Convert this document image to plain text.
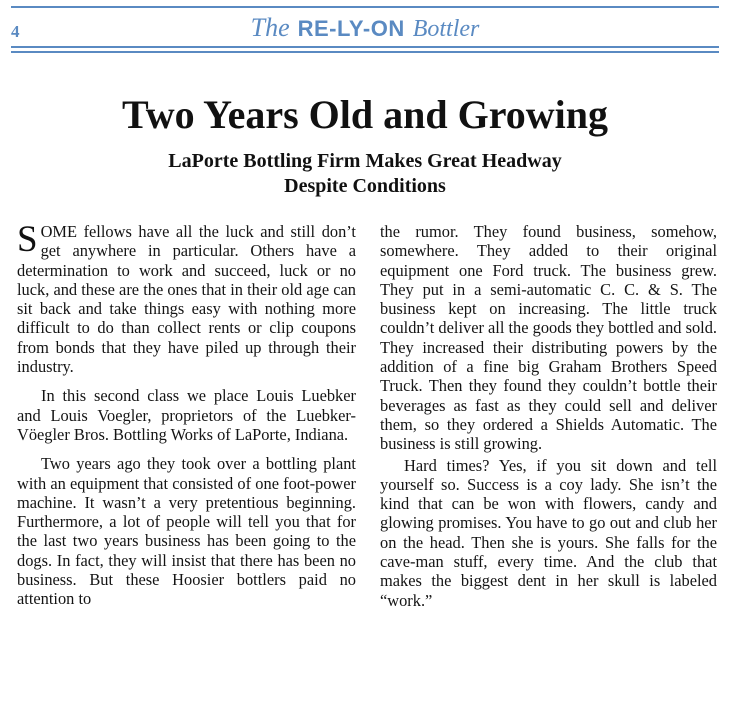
4	The RE-LY-ON Bottler
Two Years Old and Growing
LaPorte Bottling Firm Makes Great Headway
Despite Conditions

SOME fellows have all the luck and still don’t get anywhere in particular. Others have a determination to work and succeed, luck or no luck, and these are the ones that in their old age can sit back and take things easy with nothing more difficult to do than collect rents or clip coupons from bonds that they have piled up through their industry.

In this second class we place Louis Luebker and Louis Voegler, proprietors of the Luebker-Vöegler Bros. Bottling Works of LaPorte, Indiana.

Two years ago they took over a bottling plant with an equipment that consisted of one foot-power machine. It wasn’t a very pretentious beginning. Furthermore, a lot of people will tell you that for the last two years business has been going to the dogs. In fact, they will insist that there has been no business. But these Hoosier bottlers paid no attention to

the rumor. They found business, somehow, somewhere. They added to their original equipment one Ford truck. The business grew. They put in a semi-automatic C. C. & S. The business kept on increasing. The little truck couldn’t deliver all the goods they bottled and sold. They increased their distributing powers by the addition of a fine big Graham Brothers Speed Truck. Then they found they couldn’t bottle their beverages as fast as they could sell and deliver them, so they ordered a Shields Automatic. The business is still growing.

Hard times? Yes, if you sit down and tell yourself so. Success is a coy lady. She isn’t the kind that can be won with flowers, candy and glowing promises. You have to go out and club her on the head. Then she is yours. She falls for the cave-man stuff, every time. And the club that makes the biggest dent in her skull is labeled “work.”
